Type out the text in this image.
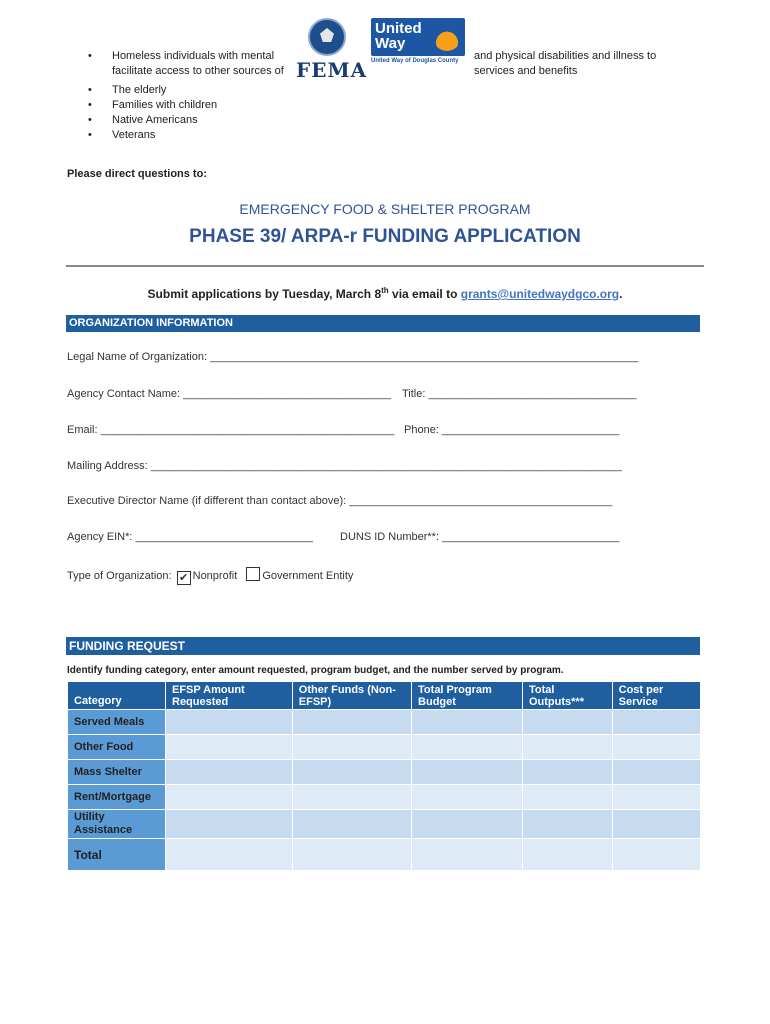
•	Homeless individuals with mental facilitate access to other sources of
•	The elderly
•	Families with children
•	Native Americans
•	Veterans
FEMA
United
Way
United Way of Douglas County	and physical disabilities and illness to services and benefits
Please direct questions to:
EMERGENCY FOOD & SHELTER PROGRAM
PHASE 39/ ARPA-r FUNDING APPLICATION
Submit applications by Tuesday, March 8th via email to grants@unitedwaydgco.org.
ORGANIZATION INFORMATION
Legal Name of Organization: ______________________________________________________________________
Agency Contact Name: __________________________________ Title: __________________________________
Email: ________________________________________________ Phone: _____________________________
Mailing Address: _____________________________________________________________________________
Executive Director Name (if different than contact above): ___________________________________________
Agency EIN*: _____________________________ DUNS ID Number**: _____________________________
Type of Organization: ✔ Nonprofit Government Entity
FUNDING REQUEST
Identify funding category, enter amount requested, program budget, and the number served by program.
Category	EFSP Amount Requested	Other Funds (Non-EFSP)	Total Program Budget	Total Outputs***	Cost per Service
Served Meals					
Other Food					
Mass Shelter					
Rent/Mortgage					
Utility Assistance					
Total					
